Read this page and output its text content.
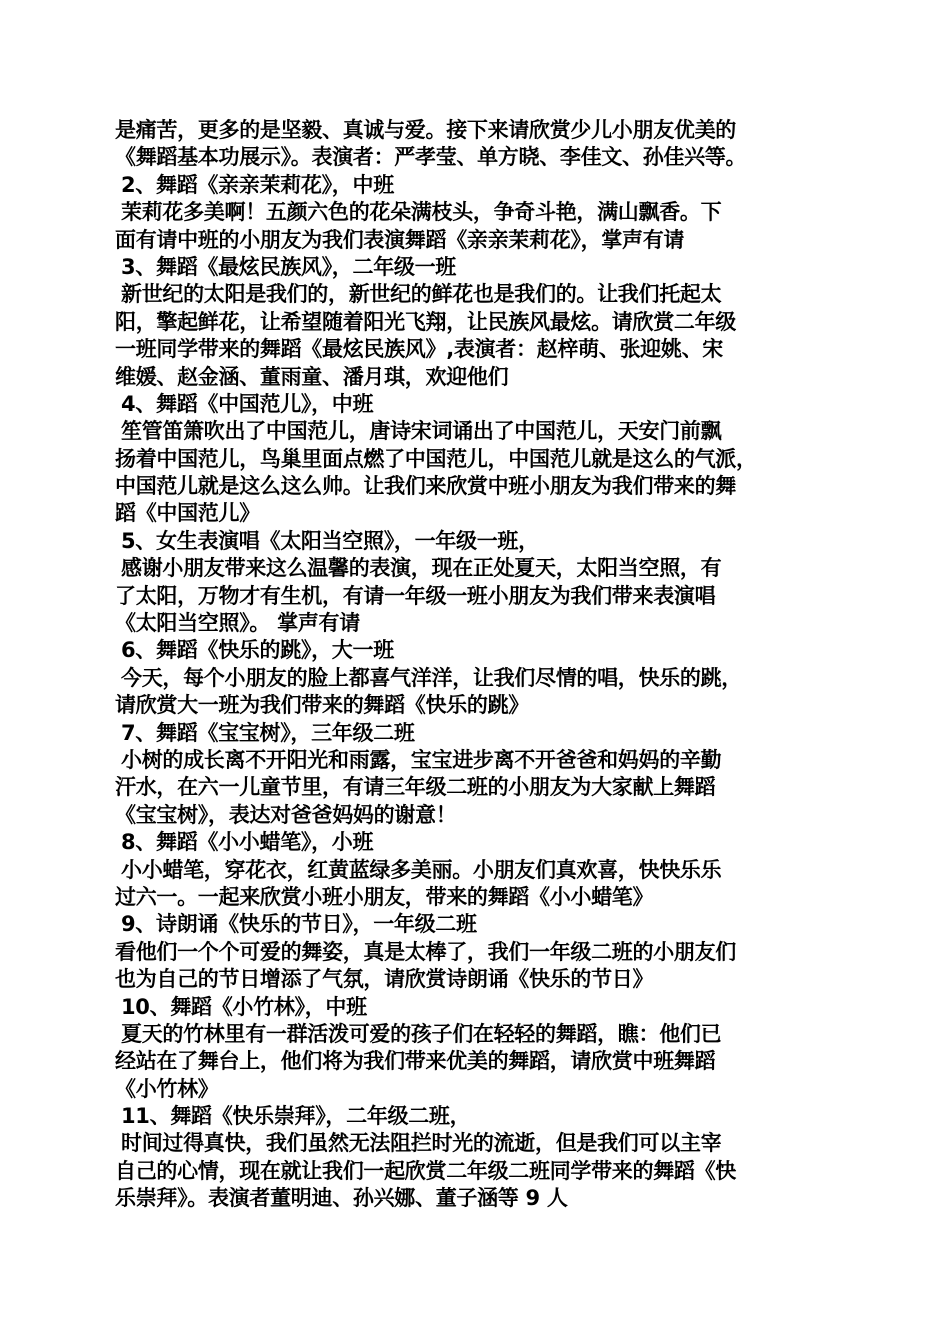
是痛苦，更多的是坚毅、真诚与爱。接下来请欣赏少儿小朋友优美的
《舞蹈基本功展示》。表演者：严孝莹、单方晓、李佳文、孙佳兴等。
2、舞蹈《亲亲茉莉花》，中班
茉莉花多美啊！五颜六色的花朵满枝头，争奇斗艳，满山飘香。下
面有请中班的小朋友为我们表演舞蹈《亲亲茉莉花》，掌声有请
3、舞蹈《最炫民族风》，二年级一班
新世纪的太阳是我们的，新世纪的鲜花也是我们的。让我们托起太
阳，擎起鲜花，让希望随着阳光飞翔，让民族风最炫。请欣赏二年级
一班同学带来的舞蹈《最炫民族风》,表演者：赵梓萌、张迎姚、宋
维媛、赵金涵、董雨童、潘月琪，欢迎他们
4、舞蹈《中国范儿》，中班
笙管笛箫吹出了中国范儿，唐诗宋词诵出了中国范儿，天安门前飘
扬着中国范儿，鸟巢里面点燃了中国范儿，中国范儿就是这么的气派，
中国范儿就是这么这么帅。让我们来欣赏中班小朋友为我们带来的舞
蹈《中国范儿》
5、女生表演唱《太阳当空照》，一年级一班，
感谢小朋友带来这么温馨的表演，现在正处夏天，太阳当空照，有
了太阳，万物才有生机，有请一年级一班小朋友为我们带来表演唱
《太阳当空照》。 掌声有请
6、舞蹈《快乐的跳》，大一班
今天，每个小朋友的脸上都喜气洋洋，让我们尽情的唱，快乐的跳，
请欣赏大一班为我们带来的舞蹈《快乐的跳》
7、舞蹈《宝宝树》，三年级二班
小树的成长离不开阳光和雨露，宝宝进步离不开爸爸和妈妈的辛勤
汗水，在六一儿童节里，有请三年级二班的小朋友为大家献上舞蹈
《宝宝树》，表达对爸爸妈妈的谢意！
8、舞蹈《小小蜡笔》，小班
小小蜡笔，穿花衣，红黄蓝绿多美丽。小朋友们真欢喜，快快乐乐
过六一。一起来欣赏小班小朋友，带来的舞蹈《小小蜡笔》
9、诗朗诵《快乐的节日》，一年级二班
看他们一个个可爱的舞姿，真是太棒了，我们一年级二班的小朋友们
也为自己的节日增添了气氛，请欣赏诗朗诵《快乐的节日》
10、舞蹈《小竹林》，中班
夏天的竹林里有一群活泼可爱的孩子们在轻轻的舞蹈，瞧：他们已
经站在了舞台上，他们将为我们带来优美的舞蹈，请欣赏中班舞蹈
《小竹林》
11、舞蹈《快乐崇拜》，二年级二班，
时间过得真快，我们虽然无法阻拦时光的流逝，但是我们可以主宰
自己的心情，现在就让我们一起欣赏二年级二班同学带来的舞蹈《快
乐崇拜》。表演者董明迪、孙兴娜、董子涵等 9 人
